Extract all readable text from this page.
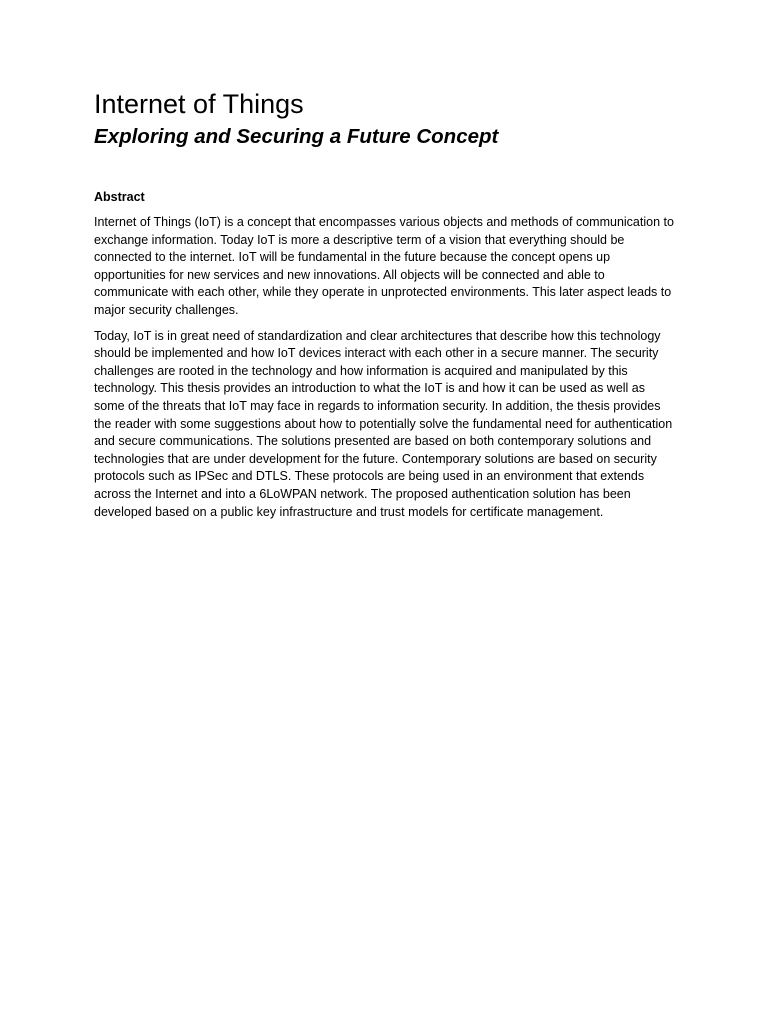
Internet of Things
Exploring and Securing a Future Concept
Abstract

Internet of Things (IoT) is a concept that encompasses various objects and methods of communication to exchange information. Today IoT is more a descriptive term of a vision that everything should be connected to the internet. IoT will be fundamental in the future because the concept opens up opportunities for new services and new innovations. All objects will be connected and able to communicate with each other, while they operate in unprotected environments. This later aspect leads to major security challenges.

Today, IoT is in great need of standardization and clear architectures that describe how this technology should be implemented and how IoT devices interact with each other in a secure manner. The security challenges are rooted in the technology and how information is acquired and manipulated by this technology. This thesis provides an introduction to what the IoT is and how it can be used as well as some of the threats that IoT may face in regards to information security. In addition, the thesis provides the reader with some suggestions about how to potentially solve the fundamental need for authentication and secure communications. The solutions presented are based on both contemporary solutions and technologies that are under development for the future. Contemporary solutions are based on security protocols such as IPSec and DTLS. These protocols are being used in an environment that extends across the Internet and into a 6LoWPAN network. The proposed authentication solution has been developed based on a public key infrastructure and trust models for certificate management.
